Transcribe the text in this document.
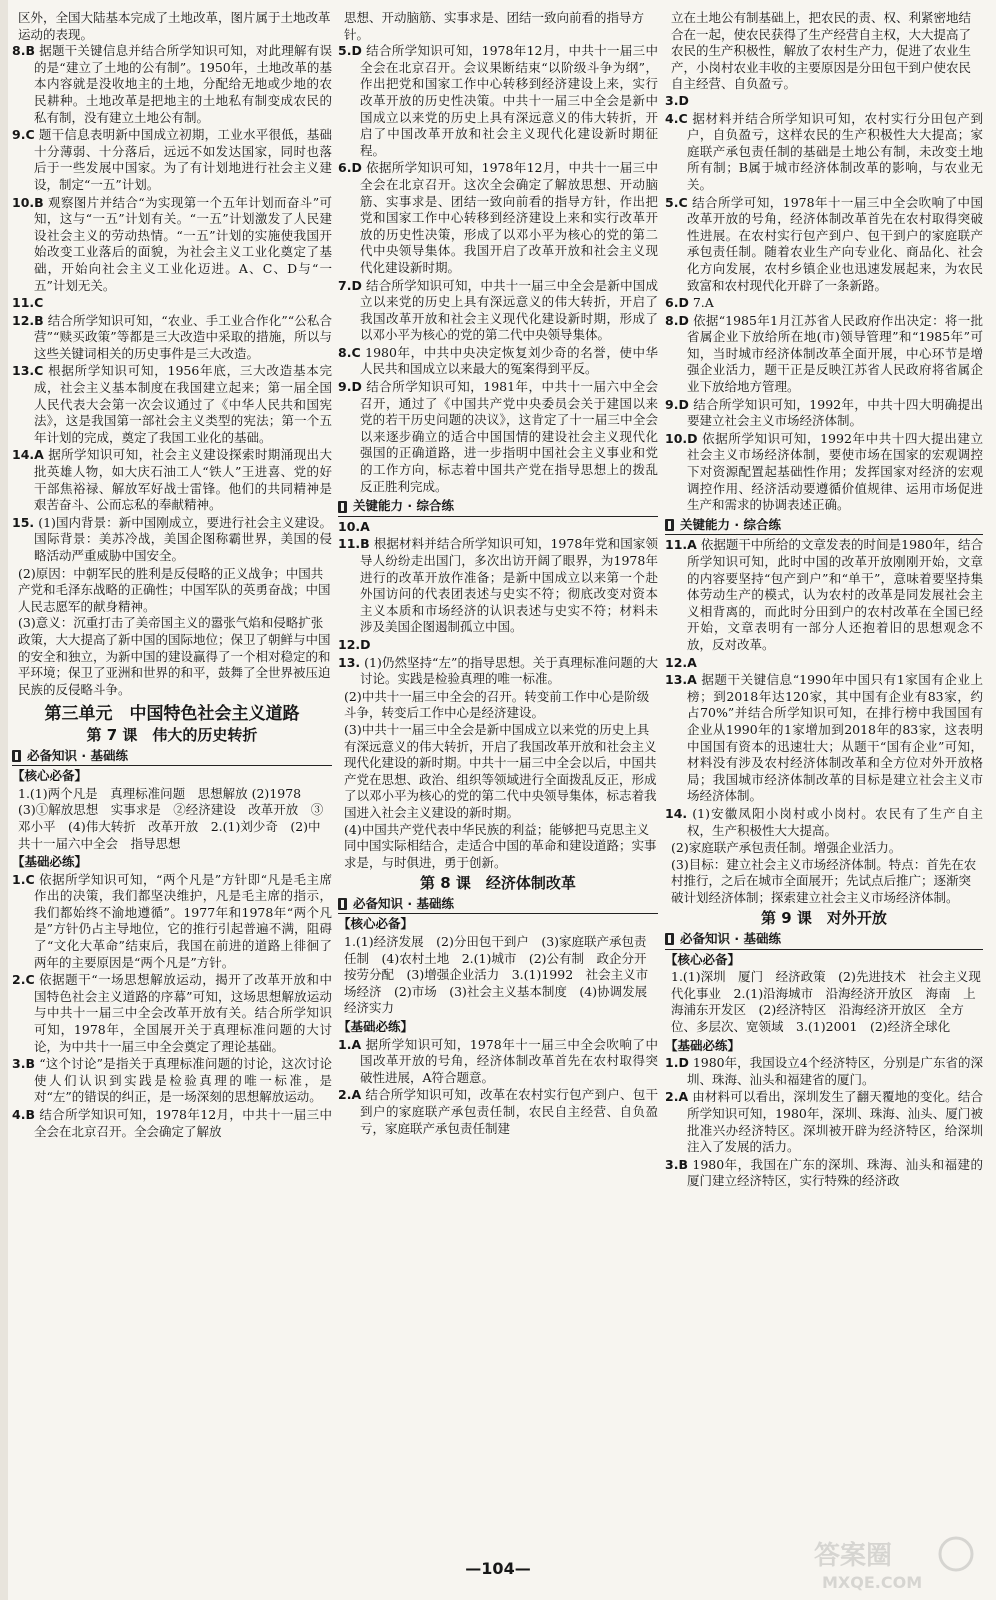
区外，全国大陆基本完成了土地改革，图片属于土地改革运动的表现。

8.B 据题干关键信息并结合所学知识可知，对此理解有误的是“建立了土地的公有制”。1950年，土地改革的基本内容就是没收地主的土地，分配给无地或少地的农民耕种。土地改革是把地主的土地私有制变成农民的私有制，没有建立土地公有制。

9.C 题干信息表明新中国成立初期，工业水平很低，基础十分薄弱、十分落后，远远不如发达国家，同时也落后于一些发展中国家。为了有计划地进行社会主义建设，制定“一五”计划。

10.B 观察图片并结合“为实现第一个五年计划而奋斗”可知，这与“一五”计划有关。“一五”计划激发了人民建设社会主义的劳动热情。“一五”计划的实施使我国开始改变工业落后的面貌，为社会主义工业化奠定了基础，开始向社会主义工业化迈进。A、C、D与“一五”计划无关。

11.C

12.B 结合所学知识可知，“农业、手工业合作化”“公私合营”“赎买政策”等都是三大改造中采取的措施，所以与这些关键词相关的历史事件是三大改造。

13.C 根据所学知识可知，1956年底，三大改造基本完成，社会主义基本制度在我国建立起来；第一届全国人民代表大会第一次会议通过了《中华人民共和国宪法》，这是我国第一部社会主义类型的宪法；第一个五年计划的完成，奠定了我国工业化的基础。

14.A 据所学知识可知，社会主义建设探索时期涌现出大批英雄人物，如大庆石油工人“铁人”王进喜、党的好干部焦裕禄、解放军好战士雷锋。他们的共同精神是艰苦奋斗、公而忘私的奉献精神。

15. (1)国内背景：新中国刚成立，要进行社会主义建设。国际背景：美苏冷战，美国企图称霸世界，美国的侵略活动严重威胁中国安全。

(2)原因：中朝军民的胜利是反侵略的正义战争；中国共产党和毛泽东战略的正确性；中国军队的英勇奋战；中国人民志愿军的献身精神。
(3)意义：沉重打击了美帝国主义的嚣张气焰和侵略扩张政策，大大提高了新中国的国际地位；保卫了朝鲜与中国的安全和独立，为新中国的建设赢得了一个相对稳定的和平环境；保卫了亚洲和世界的和平，鼓舞了全世界被压迫民族的反侵略斗争。
第三单元　中国特色社会主义道路
第 7 课　伟大的历史转折
必备知识 · 基础练
【核心必备】
1.(1)两个凡是　真理标准问题　思想解放 (2)1978　(3)①解放思想　实事求是　②经济建设　改革开放　③邓小平　(4)伟大转折　改革开放　2.(1)刘少奇　(2)中共十一届六中全会　指导思想
【基础必练】

1.C 依据所学知识可知，“两个凡是”方针即“凡是毛主席作出的决策，我们都坚决维护，凡是毛主席的指示，我们都始终不渝地遵循”。1977年和1978年“两个凡是”方针仍占主导地位，它的推行引起普遍不满，阻碍了“文化大革命”结束后，我国在前进的道路上徘徊了两年的主要原因是“两个凡是”方针。

2.C 依据题干“一场思想解放运动，揭开了改革开放和中国特色社会主义道路的序幕”可知，这场思想解放运动与中共十一届三中全会改革开放有关。结合所学知识可知，1978年，全国展开关于真理标准问题的大讨论，为中共十一届三中全会奠定了理论基础。

3.B “这个讨论”是指关于真理标准问题的讨论，这次讨论使人们认识到实践是检验真理的唯一标准，是对“左”的错误的纠正，是一场深刻的思想解放运动。

4.B 结合所学知识可知，1978年12月，中共十一届三中全会在北京召开。全会确定了解放

思想、开动脑筋、实事求是、团结一致向前看的指导方针。

5.D 结合所学知识可知，1978年12月，中共十一届三中全会在北京召开。会议果断结束“以阶级斗争为纲”，作出把党和国家工作中心转移到经济建设上来，实行改革开放的历史性决策。中共十一届三中全会是新中国成立以来党的历史上具有深远意义的伟大转折，开启了中国改革开放和社会主义现代化建设新时期征程。

6.D 依据所学知识可知，1978年12月，中共十一届三中全会在北京召开。这次全会确定了解放思想、开动脑筋、实事求是、团结一致向前看的指导方针，作出把党和国家工作中心转移到经济建设上来和实行改革开放的历史性决策，形成了以邓小平为核心的党的第二代中央领导集体。我国开启了改革开放和社会主义现代化建设新时期。

7.D 结合所学知识可知，中共十一届三中全会是新中国成立以来党的历史上具有深远意义的伟大转折，开启了我国改革开放和社会主义现代化建设新时期，形成了以邓小平为核心的党的第二代中央领导集体。

8.C 1980年，中共中央决定恢复刘少奇的名誉，使中华人民共和国成立以来最大的冤案得到平反。

9.D 结合所学知识可知，1981年，中共十一届六中全会召开，通过了《中国共产党中央委员会关于建国以来党的若干历史问题的决议》，这肯定了十一届三中全会以来逐步确立的适合中国国情的建设社会主义现代化强国的正确道路，进一步指明中国社会主义事业和党的工作方向，标志着中国共产党在指导思想上的拨乱反正胜利完成。

关键能力 · 综合练

10.A

11.B 根据材料并结合所学知识可知，1978年党和国家领导人纷纷走出国门，多次出访开阔了眼界，为1978年进行的改革开放作准备；是新中国成立以来第一个赴外国访问的代表团表述与史实不符；彻底改变对资本主义本质和市场经济的认识表述与史实不符；材料未涉及美国企图遏制孤立中国。

12.D

13. (1)仍然坚持“左”的指导思想。关于真理标准问题的大讨论。实践是检验真理的唯一标准。

(2)中共十一届三中全会的召开。转变前工作中心是阶级斗争，转变后工作中心是经济建设。
(3)中共十一届三中全会是新中国成立以来党的历史上具有深远意义的伟大转折，开启了我国改革开放和社会主义现代化建设的新时期。中共十一届三中全会以后，中国共产党在思想、政治、组织等领域进行全面拨乱反正，形成了以邓小平为核心的党的第二代中央领导集体，标志着我国进入社会主义建设的新时期。
(4)中国共产党代表中华民族的利益；能够把马克思主义同中国实际相结合，走适合中国的革命和建设道路；实事求是，与时俱进，勇于创新。
第 8 课　经济体制改革
必备知识 · 基础练
【核心必备】
1.(1)经济发展　(2)分田包干到户　(3)家庭联产承包责任制　(4)农村土地　2.(1)城市　(2)公有制　政企分开　按劳分配　(3)增强企业活力　3.(1)1992　社会主义市场经济　(2)市场　(3)社会主义基本制度　(4)协调发展　经济实力
【基础必练】

1.A 据所学知识可知，1978年十一届三中全会吹响了中国改革开放的号角，经济体制改革首先在农村取得突破性进展，A符合题意。

2.A 结合所学知识可知，改革在农村实行包产到户、包干到户的家庭联产承包责任制，农民自主经营、自负盈亏，家庭联产承包责任制建

立在土地公有制基础上，把农民的责、权、利紧密地结合在一起，使农民获得了生产经营自主权，大大提高了农民的生产积极性，解放了农村生产力，促进了农业生产，小岗村农业丰收的主要原因是分田包干到户使农民自主经营、自负盈亏。

3.D

4.C 据材料并结合所学知识可知，农村实行分田包产到户，自负盈亏，这样农民的生产积极性大大提高；家庭联产承包责任制的基础是土地公有制，未改变土地所有制；B属于城市经济体制改革的影响，与农业无关。

5.C 结合所学可知，1978年十一届三中全会吹响了中国改革开放的号角，经济体制改革首先在农村取得突破性进展。在农村实行包产到户、包干到户的家庭联产承包责任制。随着农业生产向专业化、商品化、社会化方向发展，农村乡镇企业也迅速发展起来，为农民致富和农村现代化开辟了一条新路。

6.D 7.A

8.D 依据“1985年1月江苏省人民政府作出决定：将一批省属企业下放给所在地(市)领导管理”和“1985年”可知，当时城市经济体制改革全面开展，中心环节是增强企业活力，题干正是反映江苏省人民政府将省属企业下放给地方管理。

9.D 结合所学知识可知，1992年，中共十四大明确提出要建立社会主义市场经济体制。

10.D 依据所学知识可知，1992年中共十四大提出建立社会主义市场经济体制，要使市场在国家的宏观调控下对资源配置起基础性作用；发挥国家对经济的宏观调控作用、经济活动要遵循价值规律、运用市场促进生产和需求的协调表述正确。

关键能力 · 综合练

11.A 依据题干中所给的文章发表的时间是1980年，结合所学知识可知，此时中国的改革开放刚刚开始，文章的内容要坚持“包产到户”和“单干”，意味着要坚持集体劳动生产的模式，认为农村的改革是同发展社会主义相背离的，而此时分田到户的农村改革在全国已经开始，文章表明有一部分人还抱着旧的思想观念不放，反对改革。

12.A

13.A 据题干关键信息“1990年中国只有1家国有企业上榜；到2018年达120家，其中国有企业有83家，约占70%”并结合所学知识可知，在排行榜中我国国有企业从1990年的1家增加到2018年的83家，这表明中国国有资本的迅速壮大；从题干“国有企业”可知，材料没有涉及农村经济体制改革和全方位对外开放格局；我国城市经济体制改革的目标是建立社会主义市场经济体制。

14. (1)安徽凤阳小岗村或小岗村。农民有了生产自主权，生产积极性大大提高。

(2)家庭联产承包责任制。增强企业活力。
(3)目标：建立社会主义市场经济体制。特点：首先在农村推行，之后在城市全面展开；先试点后推广；逐渐突破计划经济体制；探索建立社会主义市场经济体制。
第 9 课　对外开放
必备知识 · 基础练
【核心必备】
1.(1)深圳　厦门　经济政策　(2)先进技术　社会主义现代化事业　2.(1)沿海城市　沿海经济开放区　海南　上海浦东开发区　(2)经济特区　沿海经济开放区　全方位、多层次、宽领域　3.(1)2001　(2)经济全球化
【基础必练】

1.D 1980年，我国设立4个经济特区，分别是广东省的深圳、珠海、汕头和福建省的厦门。

2.A 由材料可以看出，深圳发生了翻天覆地的变化。结合所学知识可知，1980年，深圳、珠海、汕头、厦门被批准兴办经济特区。深圳被开辟为经济特区，给深圳注入了发展的活力。

3.B 1980年，我国在广东的深圳、珠海、汕头和福建的厦门建立经济特区，实行特殊的经济政

—104—	答案圈
MXQE.COM
